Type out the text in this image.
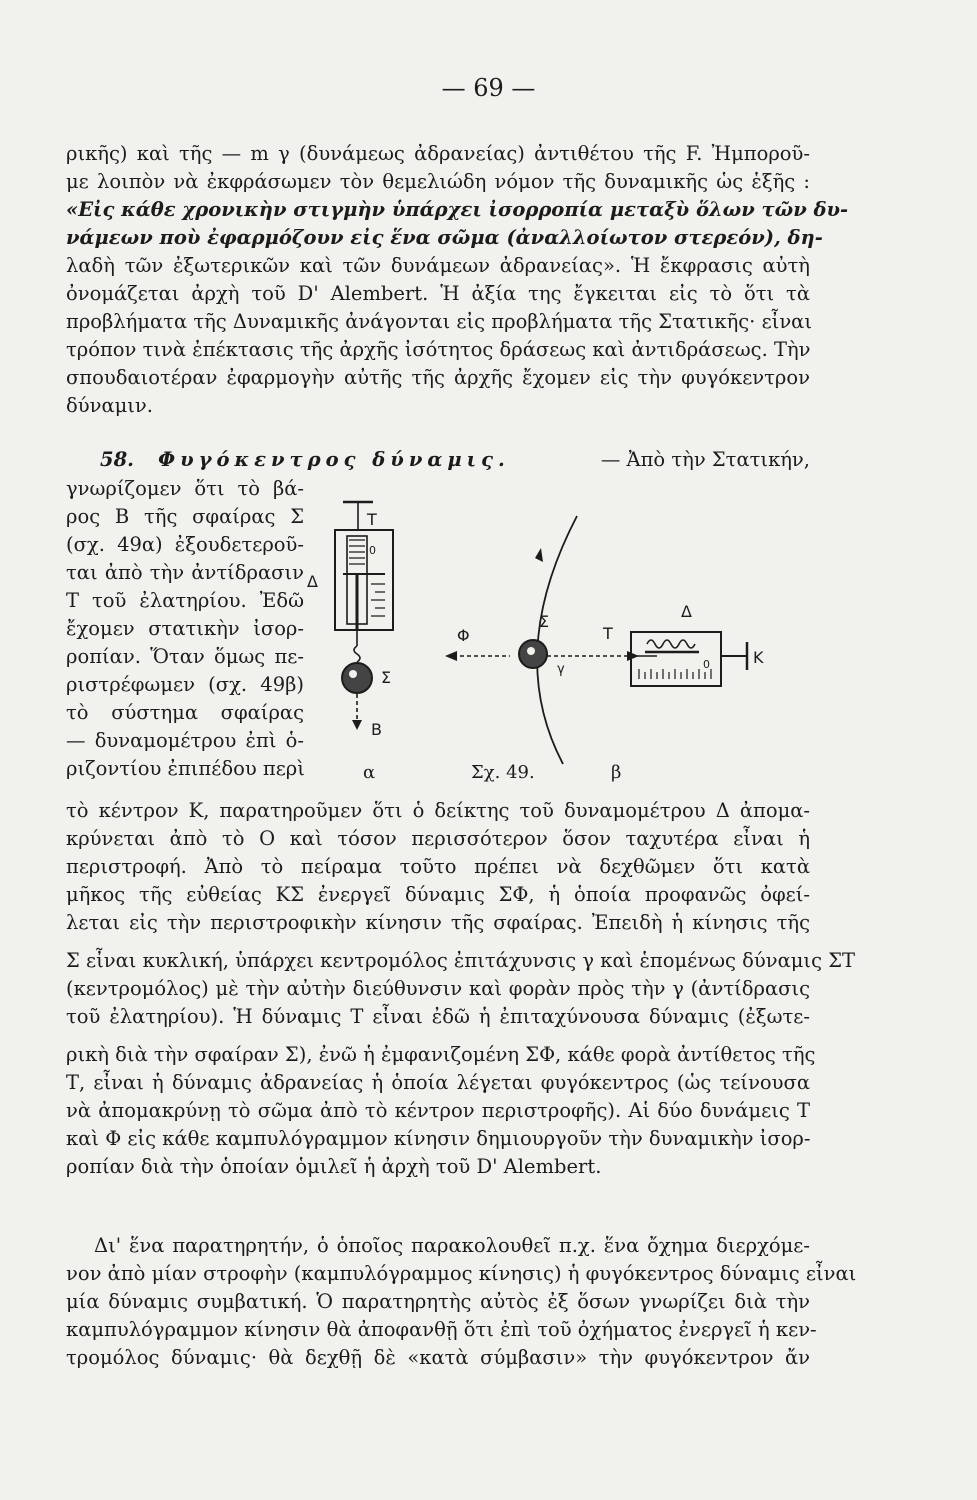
— 69 —
ρικῆς) καὶ τῆς — m γ (δυνάμεως ἀδρανείας) ἀντιθέτου τῆς F. Ἠμποροῦ-
με λοιπὸν νὰ ἐκφράσωμεν τὸν θεμελιώδη νόμον τῆς δυναμικῆς ὡς ἑξῆς :
«Εἰς κάθε χρονικὴν στιγμὴν ὑπάρχει ἰσορροπία μεταξὺ ὅλων τῶν δυ-
νάμεων ποὺ ἐφαρμόζουν εἰς ἕνα σῶμα (ἀναλλοίωτον στερεόν), δη-
λαδὴ τῶν ἐξωτερικῶν καὶ τῶν δυνάμεων ἀδρανείας». Ἡ ἔκφρασις αὐτὴ
ὀνομάζεται ἀρχὴ τοῦ D' Alembert. Ἡ ἀξία της ἔγκειται εἰς τὸ ὅτι τὰ
προβλήματα τῆς Δυναμικῆς ἀνάγονται εἰς προβλήματα τῆς Στατικῆς· εἶναι
τρόπον τινὰ ἐπέκτασις τῆς ἀρχῆς ἰσότητος δράσεως καὶ ἀντιδράσεως. Τὴν
σπουδαιοτέραν ἐφαρμογὴν αὐτῆς τῆς ἀρχῆς ἔχομεν εἰς τὴν φυγόκεντρον
δύναμιν.
58. Φυγόκεντρος δύναμις.	— Ἀπὸ τὴν Στατικήν,
γνωρίζομεν ὅτι τὸ βά-
ρος Β τῆς σφαίρας Σ
(σχ. 49α) ἐξουδετεροῦ-
ται ἀπὸ τὴν ἀντίδρασιν
Τ τοῦ ἐλατηρίου. Ἐδῶ
ἔχομεν στατικὴν ἰσορ-
ροπίαν. Ὅταν ὅμως πε-
ριστρέφωμεν (σχ. 49β)
τὸ σύστημα σφαίρας
— δυναμομέτρου ἐπὶ ὁ-
ριζοντίου ἐπιπέδου περὶ
Τ
0
Δ
Σ
Β
Φ
Σ
γ
Τ
Δ
0	Κ
α	Σχ. 49.	β
τὸ κέντρον Κ, παρατηροῦμεν ὅτι ὁ δείκτης τοῦ δυναμομέτρου Δ ἀπομα-
κρύνεται ἀπὸ τὸ Ο καὶ τόσον περισσότερον ὅσον ταχυτέρα εἶναι ἡ
περιστροφή. Ἀπὸ τὸ πείραμα τοῦτο πρέπει νὰ δεχθῶμεν ὅτι κατὰ
μῆκος τῆς εὐθείας ΚΣ ἐνεργεῖ δύναμις ΣΦ, ἡ ὁποία προφανῶς ὀφεί-
λεται εἰς τὴν περιστροφικὴν κίνησιν τῆς σφαίρας. Ἐπειδὴ ἡ κίνησις τῆς
Σ εἶναι κυκλική, ὑπάρχει κεντρομόλος ἐπιτάχυνσις γ καὶ ἑπομένως δύναμις ΣΤ
(κεντρομόλος) μὲ τὴν αὐτὴν διεύθυνσιν καὶ φορὰν πρὸς τὴν γ (ἀντίδρασις
τοῦ ἐλατηρίου). Ἡ δύναμις Τ εἶναι ἐδῶ ἡ ἐπιταχύνουσα δύναμις (ἐξωτε-
ρικὴ διὰ τὴν σφαίραν Σ), ἐνῶ ἡ ἐμφανιζομένη ΣΦ, κάθε φορὰ ἀντίθετος τῆς
Τ, εἶναι ἡ δύναμις ἀδρανείας ἡ ὁποία λέγεται φυγόκεντρος (ὡς τείνουσα
νὰ ἀπομακρύνῃ τὸ σῶμα ἀπὸ τὸ κέντρον περιστροφῆς). Αἱ δύο δυνάμεις Τ
καὶ Φ εἰς κάθε καμπυλόγραμμον κίνησιν δημιουργοῦν τὴν δυναμικὴν ἰσορ-
ροπίαν διὰ τὴν ὁποίαν ὁμιλεῖ ἡ ἀρχὴ τοῦ D' Alembert.
Δι' ἕνα παρατηρητήν, ὁ ὁποῖος παρακολουθεῖ π.χ. ἕνα ὄχημα διερχόμε-
νον ἀπὸ μίαν στροφὴν (καμπυλόγραμμος κίνησις) ἡ φυγόκεντρος δύναμις εἶναι
μία δύναμις συμβατική. Ὁ παρατηρητὴς αὐτὸς ἐξ ὅσων γνωρίζει διὰ τὴν
καμπυλόγραμμον κίνησιν θὰ ἀποφανθῇ ὅτι ἐπὶ τοῦ ὀχήματος ἐνεργεῖ ἡ κεν-
τρομόλος δύναμις· θὰ δεχθῇ δὲ «κατὰ σύμβασιν» τὴν φυγόκεντρον ἄν
